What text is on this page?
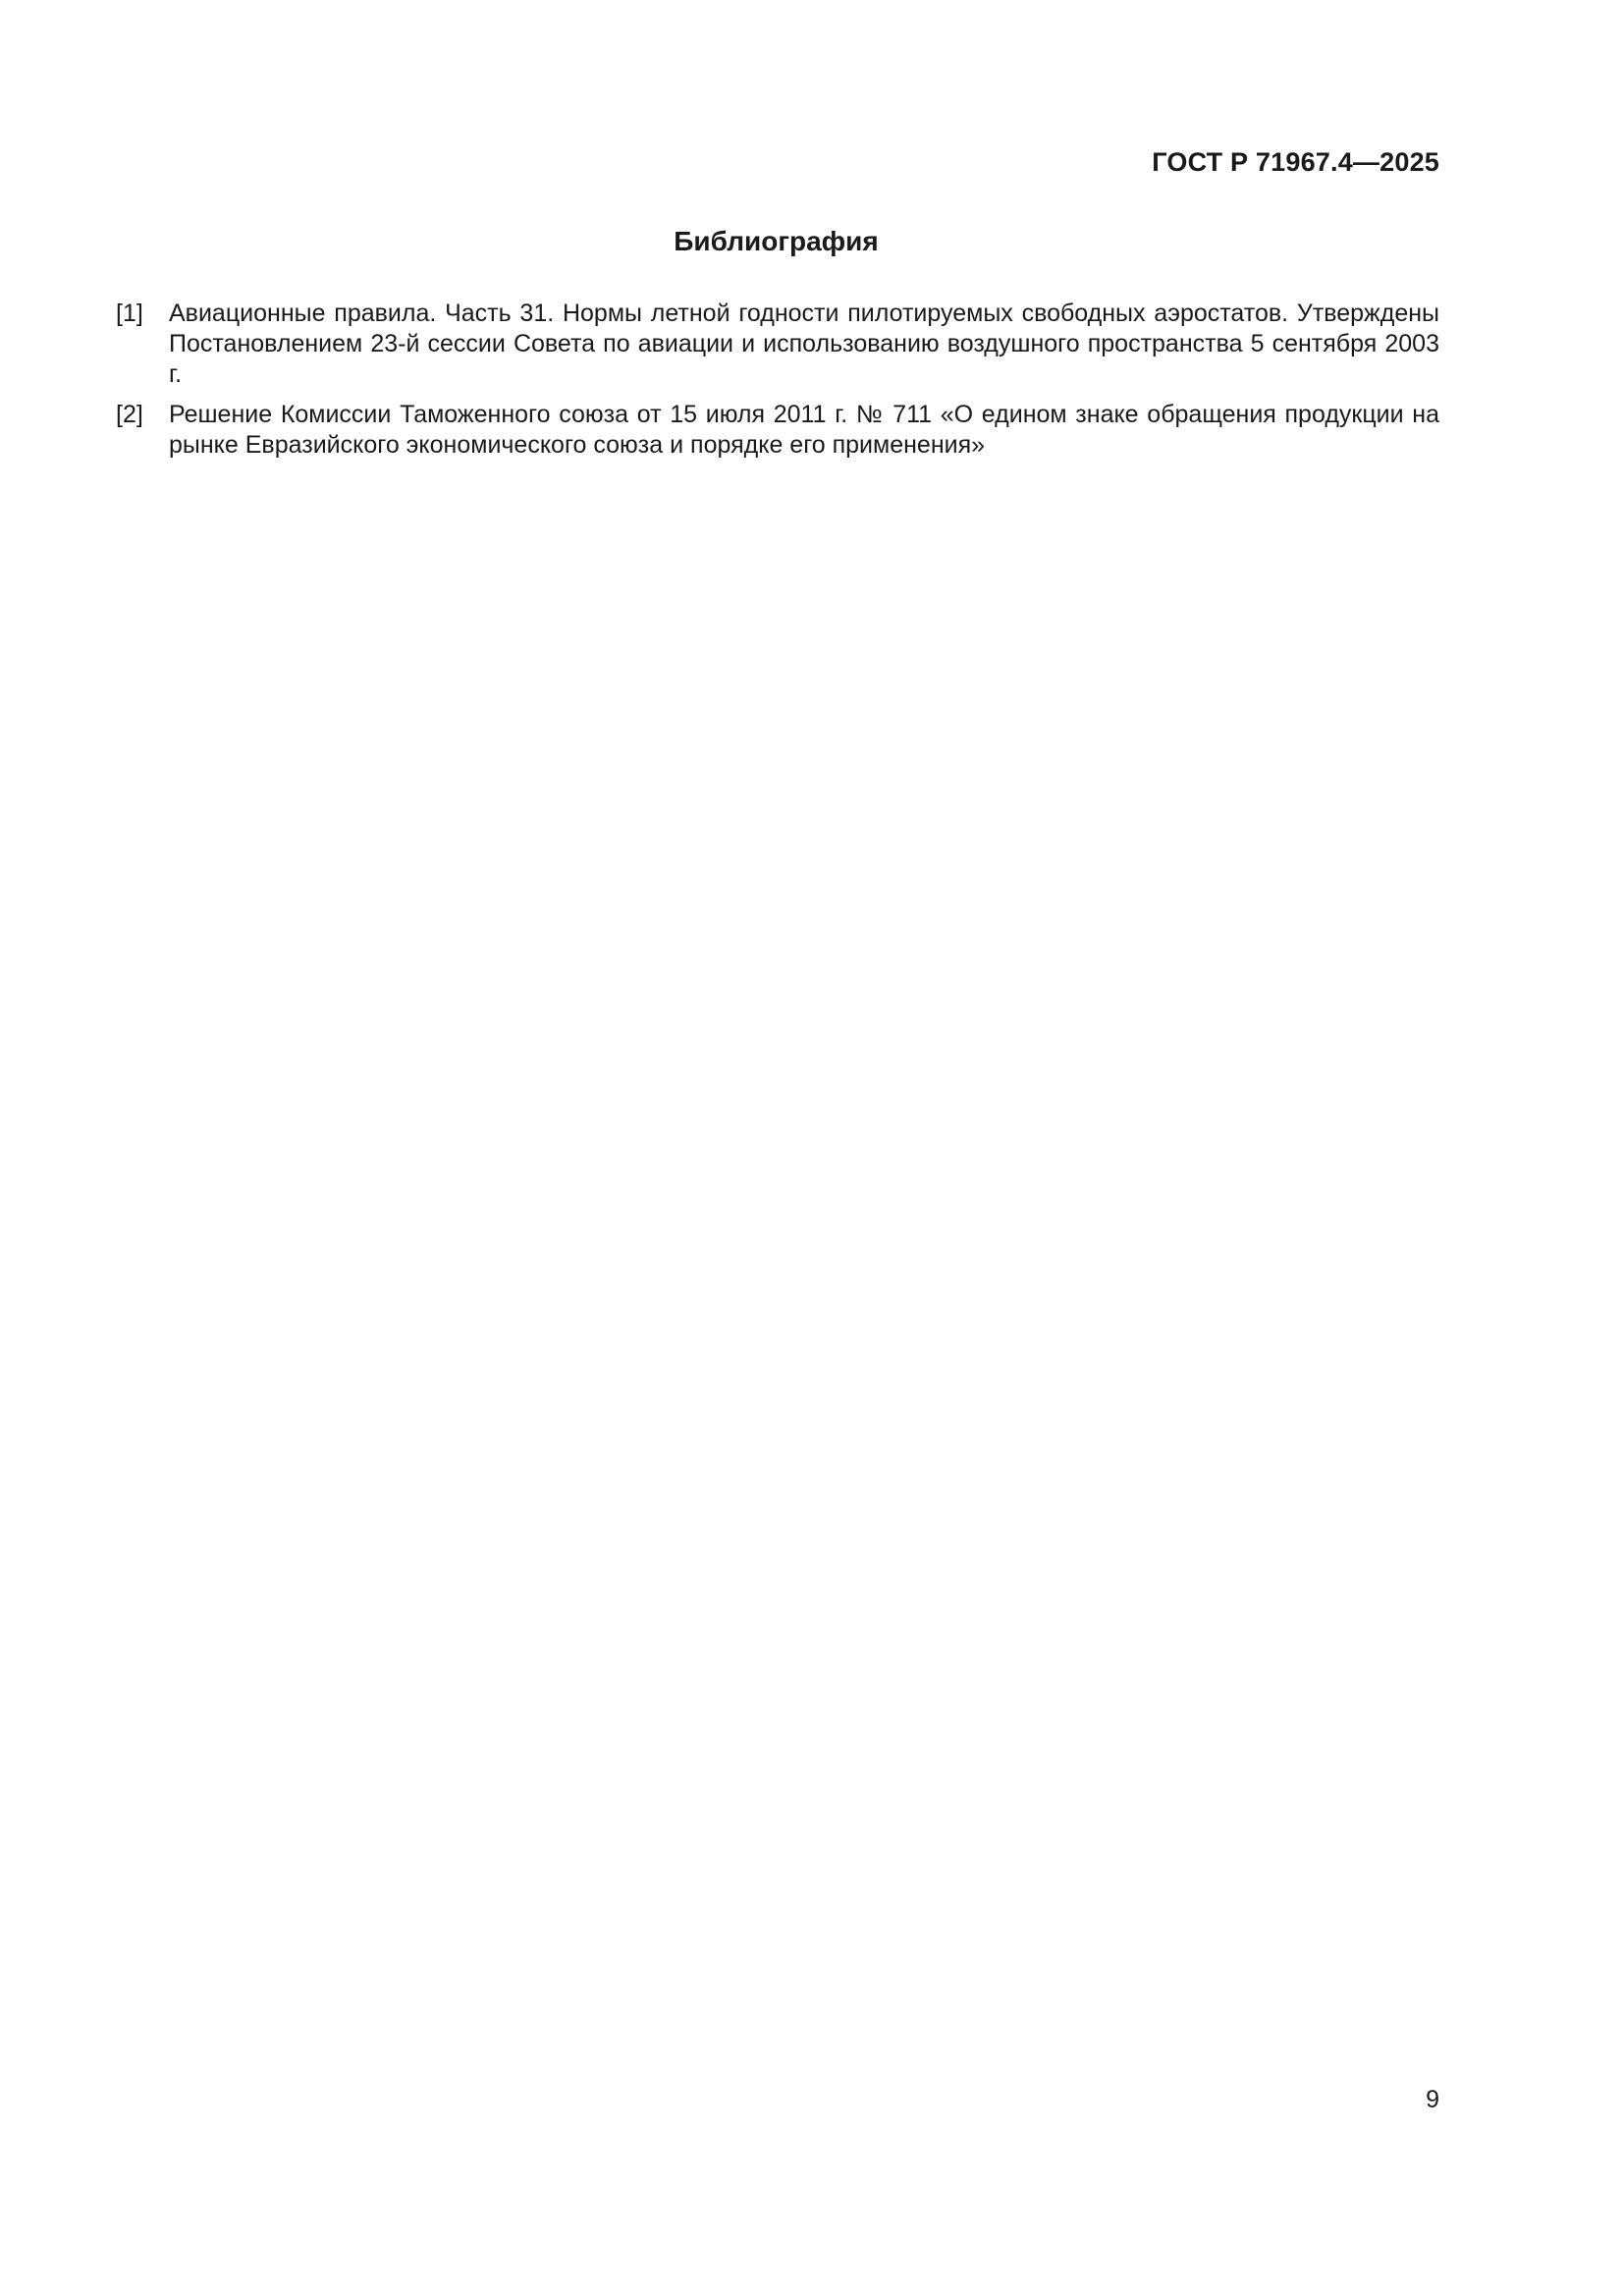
ГОСТ Р 71967.4—2025
Библиография
[1]	Авиационные правила. Часть 31. Нормы летной годности пилотируемых свободных аэростатов. Утверждены Постановлением 23-й сессии Совета по авиации и использованию воздушного пространства 5 сентября 2003 г.
[2]	Решение Комиссии Таможенного союза от 15 июля 2011 г. № 711 «О едином знаке обращения продукции на рынке Евразийского экономического союза и порядке его применения»
9
